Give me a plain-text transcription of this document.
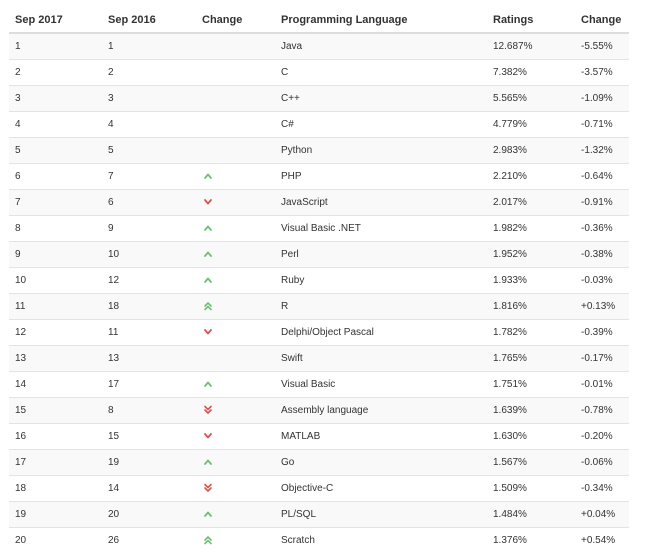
Sep 2017	Sep 2016	Change	Programming Language	Ratings	Change
1	1		Java	12.687%	-5.55%
2	2		C	7.382%	-3.57%
3	3		C++	5.565%	-1.09%
4	4		C#	4.779%	-0.71%
5	5		Python	2.983%	-1.32%
6	7		PHP	2.210%	-0.64%
7	6		JavaScript	2.017%	-0.91%
8	9		Visual Basic .NET	1.982%	-0.36%
9	10		Perl	1.952%	-0.38%
10	12		Ruby	1.933%	-0.03%
11	18		R	1.816%	+0.13%
12	11		Delphi/Object Pascal	1.782%	-0.39%
13	13		Swift	1.765%	-0.17%
14	17		Visual Basic	1.751%	-0.01%
15	8		Assembly language	1.639%	-0.78%
16	15		MATLAB	1.630%	-0.20%
17	19		Go	1.567%	-0.06%
18	14		Objective-C	1.509%	-0.34%
19	20		PL/SQL	1.484%	+0.04%
20	26		Scratch	1.376%	+0.54%
